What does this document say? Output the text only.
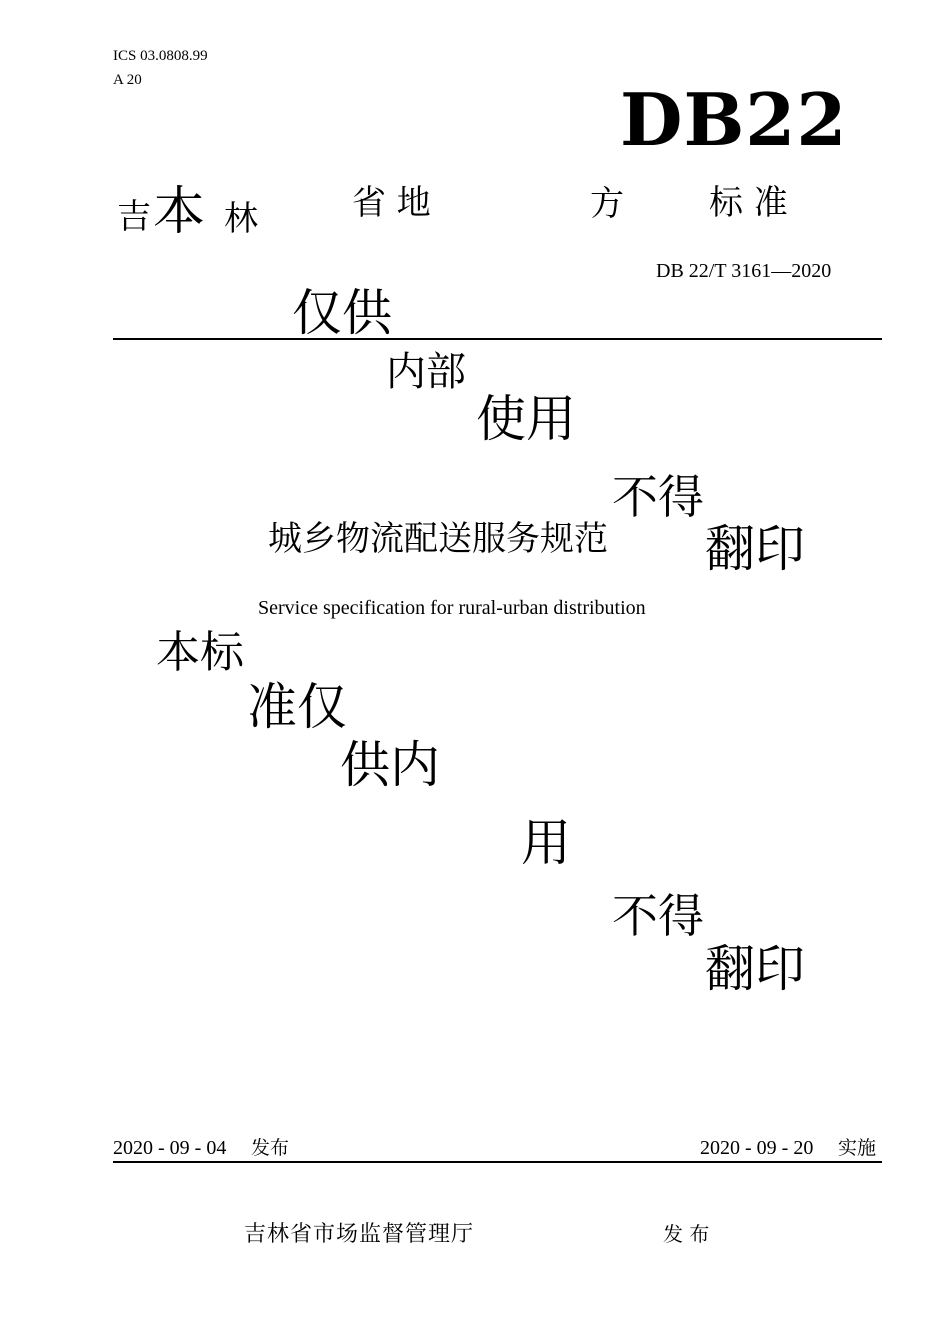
ICS 03.0808.99
A 20	DB22
吉 本 林	省 地	方	标 准
DB 22/T 3161—2020
仅供
内部
使用
不得
城乡物流配送服务规范 翻印
Service specification for rural-urban distribution
本标
准仅
供内
用
不得
翻印
2020 - 09 - 04 发布	2020 - 09 - 20 实施
吉林省市场监督管理厅	发 布
